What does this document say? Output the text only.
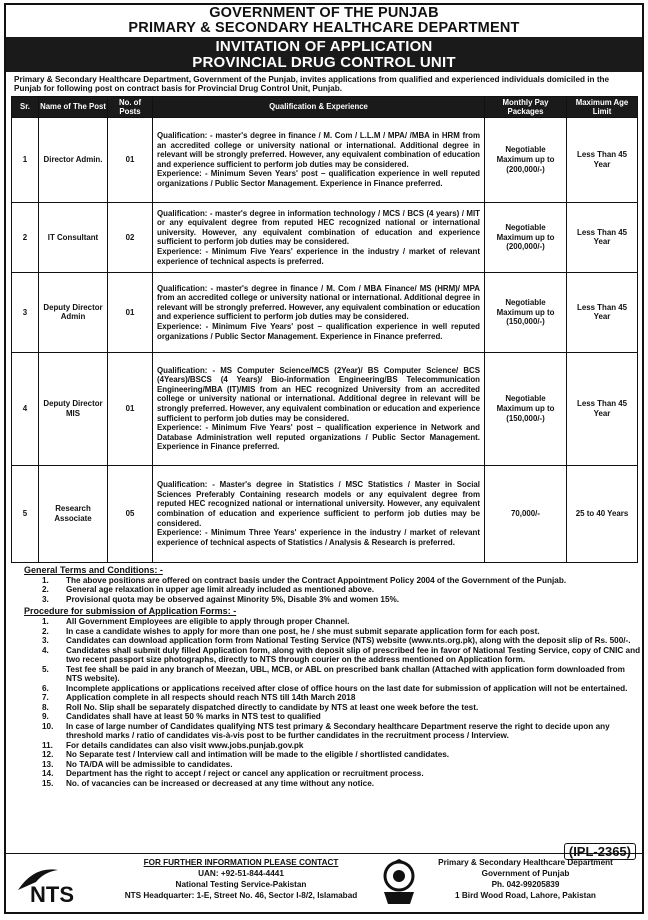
GOVERNMENT OF THE PUNJAB
PRIMARY & SECONDARY HEALTHCARE DEPARTMENT
INVITATION OF APPLICATION
PROVINCIAL DRUG CONTROL UNIT
Primary & Secondary Healthcare Department, Government of the Punjab, invites applications from qualified and experienced individuals domiciled in the Punjab for following post on contract basis for Provincial Drug Control Unit, Punjab.
Sr.	Name of The Post	No. of Posts	Qualification & Experience	Monthly Pay Packages	Maximum Age Limit
1	Director Admin.	01	Qualification: - master's degree in finance / M. Com / L.L.M / MPA/ /MBA in HRM from an accredited college or university national or international. Additional degree in relevant will be strongly preferred. However, any equivalent combination of education and experience sufficient to perform job duties may be considered.
Experience: - Minimum Seven Years' post – qualification experience in well reputed organizations / Public Sector Management. Experience in Finance preferred.	Negotiable Maximum up to (200,000/-)	Less Than 45 Year
2	IT Consultant	02	Qualification: - master's degree in information technology / MCS / BCS (4 years) / MIT or any equivalent degree from reputed HEC recognized national or international university. However, any equivalent combination of education and experience sufficient to perform job duties may be considered.
Experience: - Minimum Five Years' experience in the industry / market of relevant experience of technical aspects is preferred.	Negotiable Maximum up to (200,000/-)	Less Than 45 Year
3	Deputy Director Admin	01	Qualification: - master's degree in finance / M. Com / MBA Finance/ MS (HRM)/ MPA from an accredited college or university national or international. Additional degree in relevant will be strongly preferred. However, any equivalent combination or education and experience sufficient to perform job duties may be considered.
Experience: - Minimum Five Years' post – qualification experience in well reputed organizations / Public Sector Management. Experience in Finance preferred.	Negotiable Maximum up to (150,000/-)	Less Than 45 Year
4	Deputy Director MIS	01	Qualification: - MS Computer Science/MCS (2Year)/ BS Computer Science/ BCS (4Years)/BSCS (4 Years)/ Bio-information Engineering/BS Telecommunication Engineering/MBA (IT)/MIS from an HEC recognized University from an accredited college or university national or international. Additional degree in relevant will be strongly preferred. However, any equivalent combination or education and experience sufficient to perform job duties may be considered.
Experience: - Minimum Five Years' post – qualification experience in Network and Database Administration well reputed organizations / Public Sector Management. Experience in Finance preferred.	Negotiable Maximum up to (150,000/-)	Less Than 45 Year
5	Research Associate	05	Qualification: - Master's degree in Statistics / MSC Statistics / Master in Social Sciences Preferably Containing research models or any equivalent degree from reputed HEC recognized national or international university. However, any equivalent combination of education and experience sufficient to perform job duties may be considered.
Experience: - Minimum Three Years' experience in the industry / market of relevant experience of technical aspects of Statistics / Analysis & Research is preferred.	70,000/-	25 to 40 Years
General Terms and Conditions: -
1. The above positions are offered on contract basis under the Contract Appointment Policy 2004 of the Government of the Punjab.
2. General age relaxation in upper age limit already included as mentioned above.
3. Provisional quota may be observed against Minority 5%, Disable 3% and women 15%.
Procedure for submission of Application Forms: -
1. All Government Employees are eligible to apply through proper Channel.
2. In case a candidate wishes to apply for more than one post, he / she must submit separate application form for each post.
3. Candidates can download application form from National Testing Service (NTS) website (www.nts.org.pk), along with the deposit slip of Rs. 500/-.
4. Candidates shall submit duly filled Application form, along with deposit slip of prescribed fee in favor of National Testing Service, copy of CNIC and two recent passport size photographs, directly to NTS through courier on the address mentioned on Application form.
5. Test fee shall be paid in any branch of Meezan, UBL, MCB, or ABL on prescribed bank challan (Attached with application form downloaded from NTS website).
6. Incomplete applications or applications received after close of office hours on the last date for submission of application will not be entertained.
7. Application complete in all respects should reach NTS till 14th March 2018
8. Roll No. Slip shall be separately dispatched directly to candidate by NTS at least one week before the test.
9. Candidates shall have at least 50 % marks in NTS test to qualified
10. In case of large number of Candidates qualifying NTS test primary & Secondary healthcare Department reserve the right to decide upon any threshold marks / ratio of candidates vis-à-vis post to be further candidates in the recruitment process / Interview.
11. For details candidates can also visit www.jobs.punjab.gov.pk
12. No Separate test / Interview call and intimation will be made to the eligible / shortlisted candidates.
13. No TA/DA will be admissible to candidates.
14. Department has the right to accept / reject or cancel any application or recruitment process.
15. No. of vacancies can be increased or decreased at any time without any notice.
(IPL-2365)
NTS
FOR FURTHER INFORMATION PLEASE CONTACT
UAN: +92-51-844-4441
National Testing Service-Pakistan
NTS Headquarter: 1-E, Street No. 46, Sector I-8/2, Islamabad
Primary & Secondary Healthcare Department
Government of Punjab
Ph. 042-99205839
1 Bird Wood Road, Lahore, Pakistan
